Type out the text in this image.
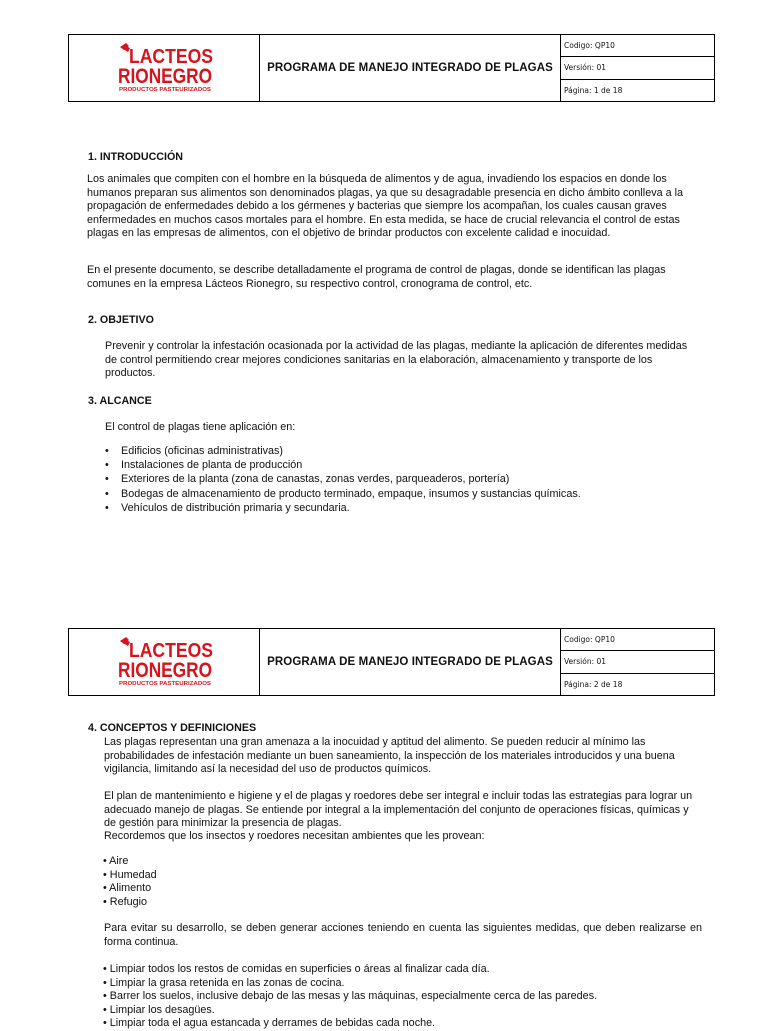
LACTEOS
RIONEGRO
PRODUCTOS PASTEURIZADOS
PROGRAMA DE MANEJO INTEGRADO DE PLAGAS
Codigo: QP10
Versión: 01
Página: 1 de 18
1. INTRODUCCIÓN

Los animales que compiten con el hombre en la búsqueda de alimentos y de agua, invadiendo los espacios en donde los humanos preparan sus alimentos son denominados plagas, ya que su desagradable presencia en dicho ámbito conlleva a la propagación de enfermedades debido a los gérmenes y bacterias que siempre los acompañan, los cuales causan graves enfermedades en muchos casos mortales para el hombre. En esta medida, se hace de crucial relevancia el control de estas plagas en las empresas de alimentos, con el objetivo de brindar productos con excelente calidad e inocuidad.

En el presente documento, se describe detalladamente el programa de control de plagas, donde se identifican las plagas comunes en la empresa Lácteos Rionegro, su respectivo control, cronograma de control, etc.

2. OBJETIVO

Prevenir y controlar la infestación ocasionada por la actividad de las plagas, mediante la aplicación de diferentes medidas de control permitiendo crear mejores condiciones sanitarias en la elaboración, almacenamiento y transporte de los productos.

3. ALCANCE

El control de plagas tiene aplicación en:

• Edificios (oficinas administrativas)
• Instalaciones de planta de producción
• Exteriores de la planta (zona de canastas, zonas verdes, parqueaderos, portería)
• Bodegas de almacenamiento de producto terminado, empaque, insumos y sustancias químicas.
• Vehículos de distribución primaria y secundaria.
LACTEOS
RIONEGRO
PRODUCTOS PASTEURIZADOS
PROGRAMA DE MANEJO INTEGRADO DE PLAGAS
Codigo: QP10
Versión: 01
Página: 2 de 18
4. CONCEPTOS Y DEFINICIONES

Las plagas representan una gran amenaza a la inocuidad y aptitud del alimento. Se pueden reducir al mínimo las probabilidades de infestación mediante un buen saneamiento, la inspección de los materiales introducidos y una buena vigilancia, limitando así la necesidad del uso de productos químicos.

El plan de mantenimiento e higiene y el de plagas y roedores debe ser integral e incluir todas las estrategias para lograr un adecuado manejo de plagas. Se entiende por integral a la implementación del conjunto de operaciones físicas, químicas y de gestión para minimizar la presencia de plagas.

Recordemos que los insectos y roedores necesitan ambientes que les provean:

• Aire
• Humedad
• Alimento
• Refugio

Para evitar su desarrollo, se deben generar acciones teniendo en cuenta las siguientes medidas, que deben realizarse en forma continua.

• Limpiar todos los restos de comidas en superficies o áreas al finalizar cada día.
• Limpiar la grasa retenida en las zonas de cocina.
• Barrer los suelos, inclusive debajo de las mesas y las máquinas, especialmente cerca de las paredes.
• Limpiar los desagües.
• Limpiar toda el agua estancada y derrames de bebidas cada noche.
